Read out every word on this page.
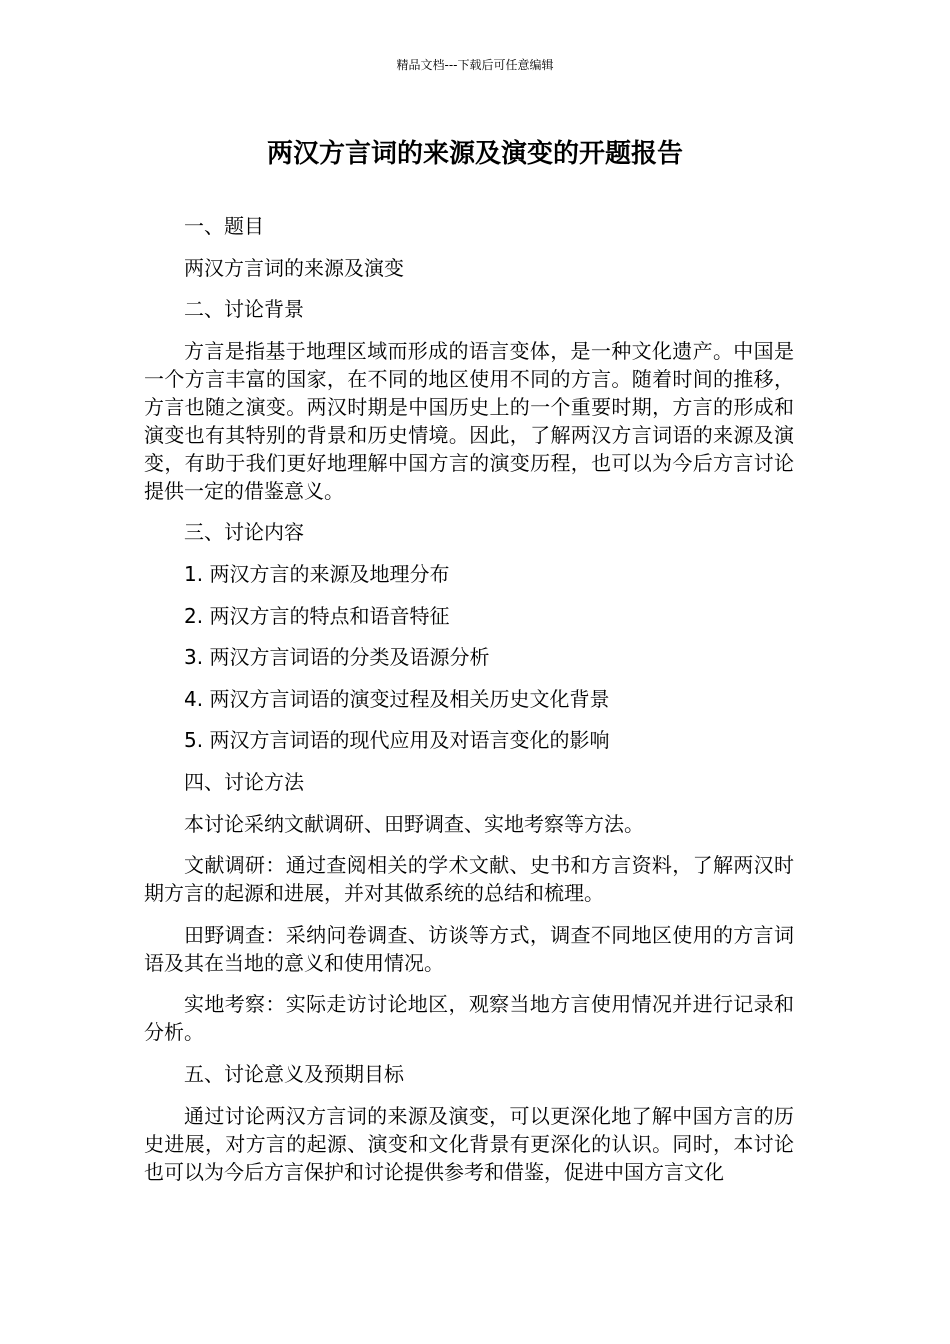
精品文档---下载后可任意编辑
两汉方言词的来源及演变的开题报告

一、题目

两汉方言词的来源及演变

二、讨论背景

方言是指基于地理区域而形成的语言变体，是一种文化遗产。中国是一个方言丰富的国家，在不同的地区使用不同的方言。随着时间的推移，方言也随之演变。两汉时期是中国历史上的一个重要时期，方言的形成和演变也有其特别的背景和历史情境。因此，了解两汉方言词语的来源及演变，有助于我们更好地理解中国方言的演变历程，也可以为今后方言讨论提供一定的借鉴意义。

三、讨论内容

1. 两汉方言的来源及地理分布

2. 两汉方言的特点和语音特征

3. 两汉方言词语的分类及语源分析

4. 两汉方言词语的演变过程及相关历史文化背景

5. 两汉方言词语的现代应用及对语言变化的影响

四、讨论方法

本讨论采纳文献调研、田野调查、实地考察等方法。

文献调研：通过查阅相关的学术文献、史书和方言资料，了解两汉时期方言的起源和进展，并对其做系统的总结和梳理。

田野调查：采纳问卷调查、访谈等方式，调查不同地区使用的方言词语及其在当地的意义和使用情况。

实地考察：实际走访讨论地区，观察当地方言使用情况并进行记录和分析。

五、讨论意义及预期目标

通过讨论两汉方言词的来源及演变，可以更深化地了解中国方言的历史进展，对方言的起源、演变和文化背景有更深化的认识。同时，本讨论也可以为今后方言保护和讨论提供参考和借鉴，促进中国方言文化
